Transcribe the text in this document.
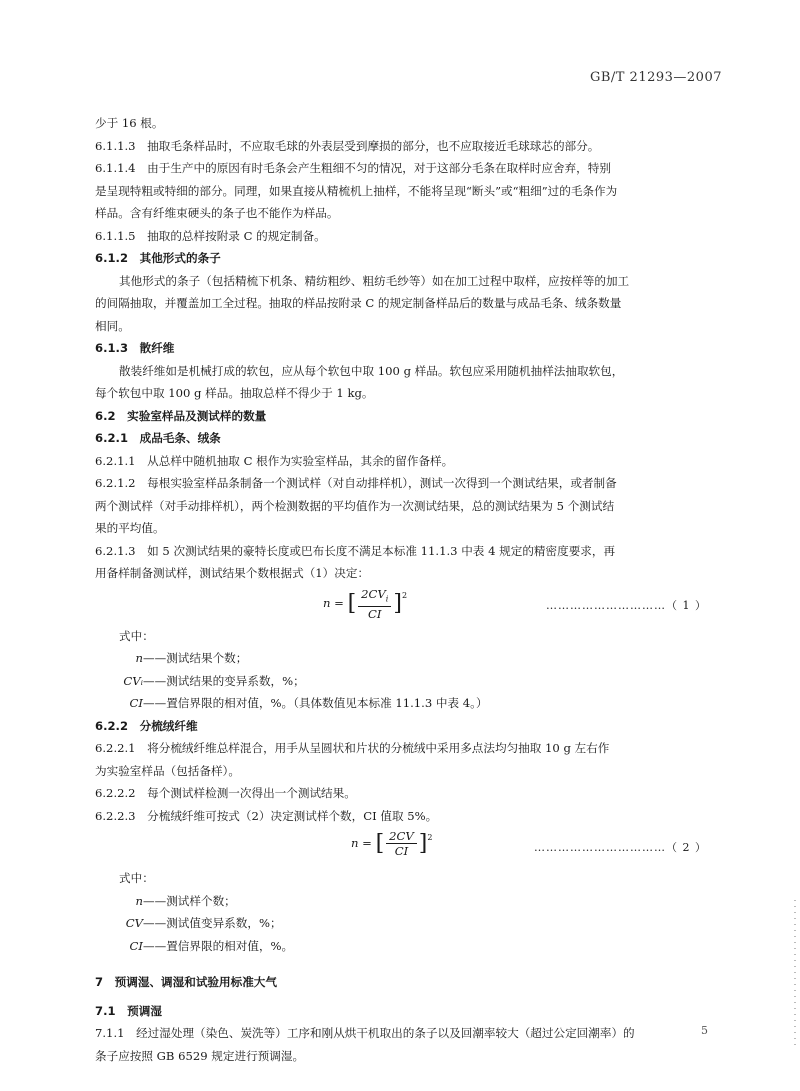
GB/T 21293—2007
少于 16 根。
6.1.1.3　抽取毛条样品时，不应取毛球的外表层受到摩损的部分，也不应取接近毛球球芯的部分。
6.1.1.4　由于生产中的原因有时毛条会产生粗细不匀的情况，对于这部分毛条在取样时应舍弃，特别
是呈现特粗或特细的部分。同理，如果直接从精梳机上抽样，不能将呈现“断头”或“粗细”过的毛条作为
样品。含有纤维束硬头的条子也不能作为样品。
6.1.1.5　抽取的总样按附录 C 的规定制备。
6.1.2　其他形式的条子
其他形式的条子（包括精梳下机条、精纺粗纱、粗纺毛纱等）如在加工过程中取样，应按样等的加工
的间隔抽取，并覆盖加工全过程。抽取的样品按附录 C 的规定制备样品后的数量与成品毛条、绒条数量
相同。
6.1.3　散纤维
散装纤维如是机械打成的软包，应从每个软包中取 100 g 样品。软包应采用随机抽样法抽取软包，
每个软包中取 100 g 样品。抽取总样不得少于 1 kg。
6.2　实验室样品及测试样的数量
6.2.1　成品毛条、绒条
6.2.1.1　从总样中随机抽取 C 根作为实验室样品，其余的留作备样。
6.2.1.2　每根实验室样品条制备一个测试样（对自动排样机），测试一次得到一个测试结果，或者制备
两个测试样（对手动排样机），两个检测数据的平均值作为一次测试结果，总的测试结果为 5 个测试结
果的平均值。
6.2.1.3　如 5 次测试结果的豪特长度或巴布长度不满足本标准 11.1.3 中表 4 规定的精密度要求，再
用备样制备测试样，测试结果个数根据式（1）决定：
n =
[ $\frac{2CV_i}{CI}$ ] 2
…………………………（ 1 ）
式中：
n——测试结果个数；
CVᵢ——测试结果的变异系数，%；
CI——置信界限的相对值，%。（具体数值见本标准 11.1.3 中表 4。）
6.2.2　分梳绒纤维
6.2.2.1　将分梳绒纤维总样混合，用手从呈圆状和片状的分梳绒中采用多点法均匀抽取 10 g 左右作
为实验室样品（包括备样）。
6.2.2.2　每个测试样检测一次得出一个测试结果。
6.2.2.3　分梳绒纤维可按式（2）决定测试样个数，CI 值取 5%。
n =
[ $\frac{2CV}{CI}$ ] 2
……………………………（ 2 ）
式中：
n——测试样个数；
CV——测试值变异系数，%；
CI——置信界限的相对值，%。
7　预调湿、调湿和试验用标准大气
7.1　预调湿
7.1.1　经过湿处理（染色、炭洗等）工序和刚从烘干机取出的条子以及回潮率较大（超过公定回潮率）的
条子应按照 GB 6529 规定进行预调湿。
5
